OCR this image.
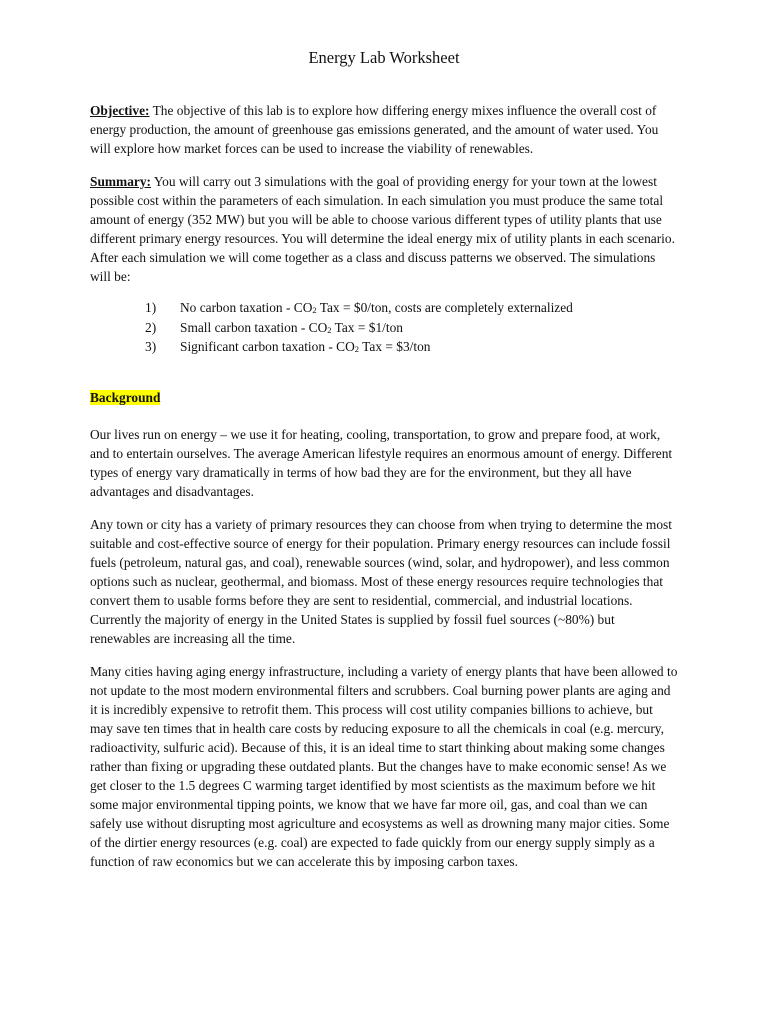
Energy Lab Worksheet

Objective: The objective of this lab is to explore how differing energy mixes influence the overall cost of energy production, the amount of greenhouse gas emissions generated, and the amount of water used. You will explore how market forces can be used to increase the viability of renewables.

Summary: You will carry out 3 simulations with the goal of providing energy for your town at the lowest possible cost within the parameters of each simulation. In each simulation you must produce the same total amount of energy (352 MW) but you will be able to choose various different types of utility plants that use different primary energy resources. You will determine the ideal energy mix of utility plants in each scenario. After each simulation we will come together as a class and discuss patterns we observed. The simulations will be:

1)	No carbon taxation - $CO_2$ Tax = $0/ton, costs are completely externalized
2)	Small carbon taxation - $CO_2$ Tax = $1/ton
3)	Significant carbon taxation - $CO_2$ Tax = $3/ton

Background

Our lives run on energy – we use it for heating, cooling, transportation, to grow and prepare food, at work, and to entertain ourselves. The average American lifestyle requires an enormous amount of energy. Different types of energy vary dramatically in terms of how bad they are for the environment, but they all have advantages and disadvantages.

Any town or city has a variety of primary resources they can choose from when trying to determine the most suitable and cost-effective source of energy for their population. Primary energy resources can include fossil fuels (petroleum, natural gas, and coal), renewable sources (wind, solar, and hydropower), and less common options such as nuclear, geothermal, and biomass. Most of these energy resources require technologies that convert them to usable forms before they are sent to residential, commercial, and industrial locations. Currently the majority of energy in the United States is supplied by fossil fuel sources (~80%) but renewables are increasing all the time.

Many cities having aging energy infrastructure, including a variety of energy plants that have been allowed to not update to the most modern environmental filters and scrubbers. Coal burning power plants are aging and it is incredibly expensive to retrofit them. This process will cost utility companies billions to achieve, but may save ten times that in health care costs by reducing exposure to all the chemicals in coal (e.g. mercury, radioactivity, sulfuric acid). Because of this, it is an ideal time to start thinking about making some changes rather than fixing or upgrading these outdated plants. But the changes have to make economic sense! As we get closer to the 1.5 degrees C warming target identified by most scientists as the maximum before we hit some major environmental tipping points, we know that we have far more oil, gas, and coal than we can safely use without disrupting most agriculture and ecosystems as well as drowning many major cities. Some of the dirtier energy resources (e.g. coal) are expected to fade quickly from our energy supply simply as a function of raw economics but we can accelerate this by imposing carbon taxes.
